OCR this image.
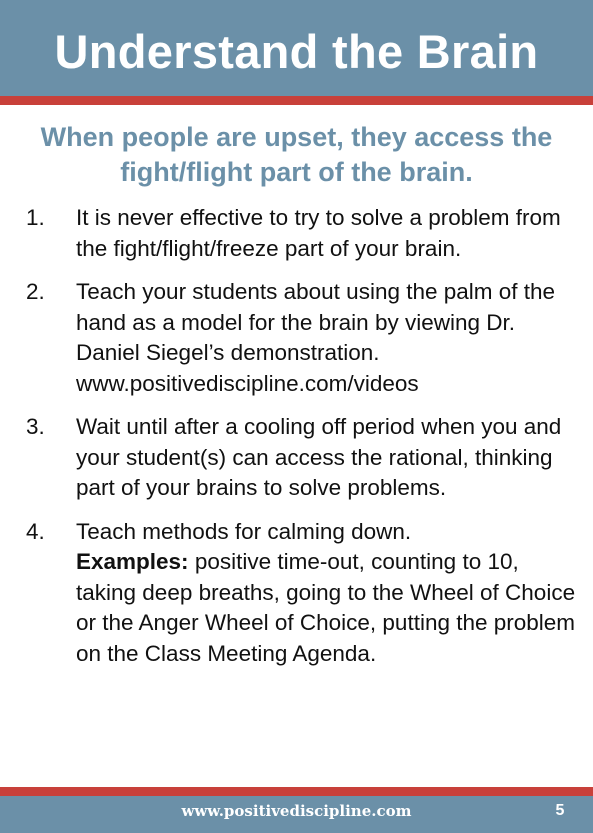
Understand the Brain
When people are upset, they access the fight/flight part of the brain.
1.	It is never effective to try to solve a problem from the fight/flight/freeze part of your brain.
2.	Teach your students about using the palm of the hand as a model for the brain by viewing Dr. Daniel Siegel’s demonstration. www.positivediscipline.com/videos
3.	Wait until after a cooling off period when you and your student(s) can access the rational, thinking part of your brains to solve problems.
4.	Teach methods for calming down.
Examples: positive time-out, counting to 10, taking deep breaths, going to the Wheel of Choice or the Anger Wheel of Choice, putting the problem on the Class Meeting Agenda.
www.positivediscipline.com	5
